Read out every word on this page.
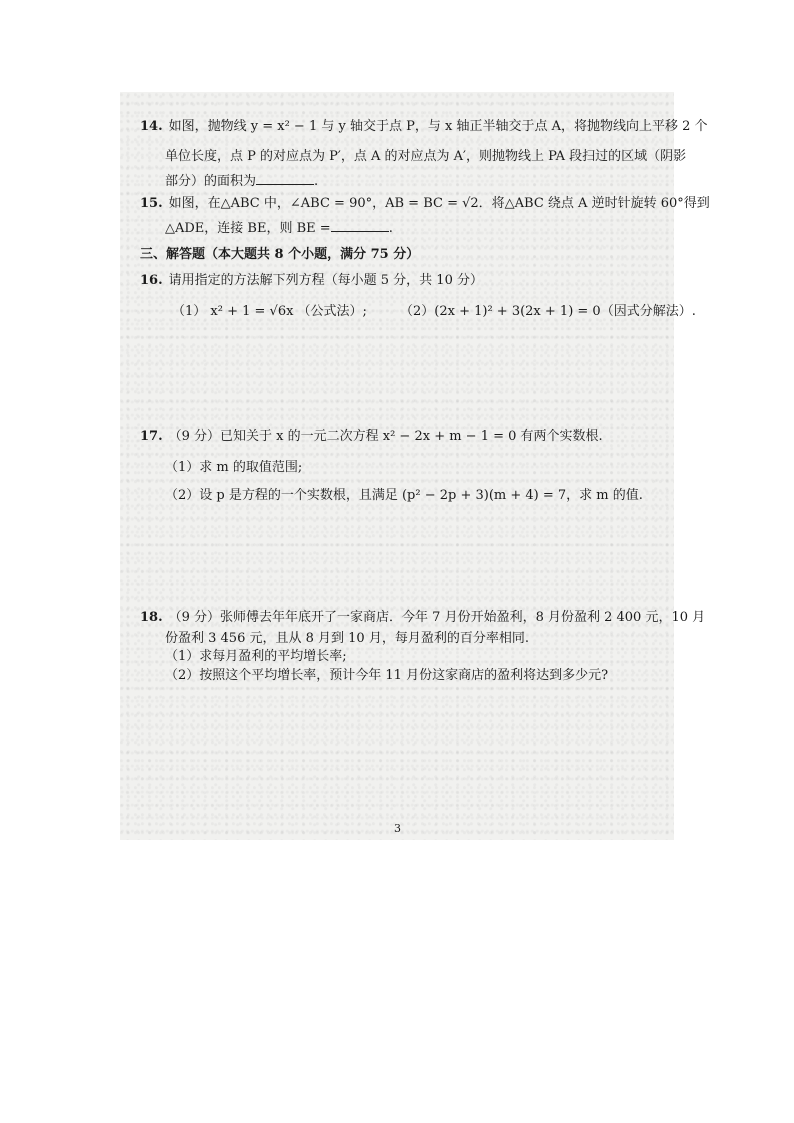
14. 如图，抛物线 y = x² − 1 与 y 轴交于点 P，与 x 轴正半轴交于点 A，将抛物线向上平移 2 个
单位长度，点 P 的对应点为 P′，点 A 的对应点为 A′，则抛物线上 PA 段扫过的区域（阴影
部分）的面积为	.
15. 如图，在△ABC 中，∠ABC = 90°，AB = BC = √2．将△ABC 绕点 A 逆时针旋转 60°得到
△ADE，连接 BE，则 BE =	.
三、解答题（本大题共 8 个小题，满分 75 分）
16. 请用指定的方法解下列方程（每小题 5 分，共 10 分）
（1） x² + 1 = √6x （公式法）;	（2）(2x + 1)² + 3(2x + 1) = 0（因式分解法）.
17. （9 分）已知关于 x 的一元二次方程 x² − 2x + m − 1 = 0 有两个实数根.
（1）求 m 的取值范围;
（2）设 p 是方程的一个实数根，且满足 (p² − 2p + 3)(m + 4) = 7，求 m 的值.
18. （9 分）张师傅去年年底开了一家商店．今年 7 月份开始盈利，8 月份盈利 2 400 元，10 月
份盈利 3 456 元，且从 8 月到 10 月，每月盈利的百分率相同.
（1）求每月盈利的平均增长率;
（2）按照这个平均增长率，预计今年 11 月份这家商店的盈利将达到多少元?
3
